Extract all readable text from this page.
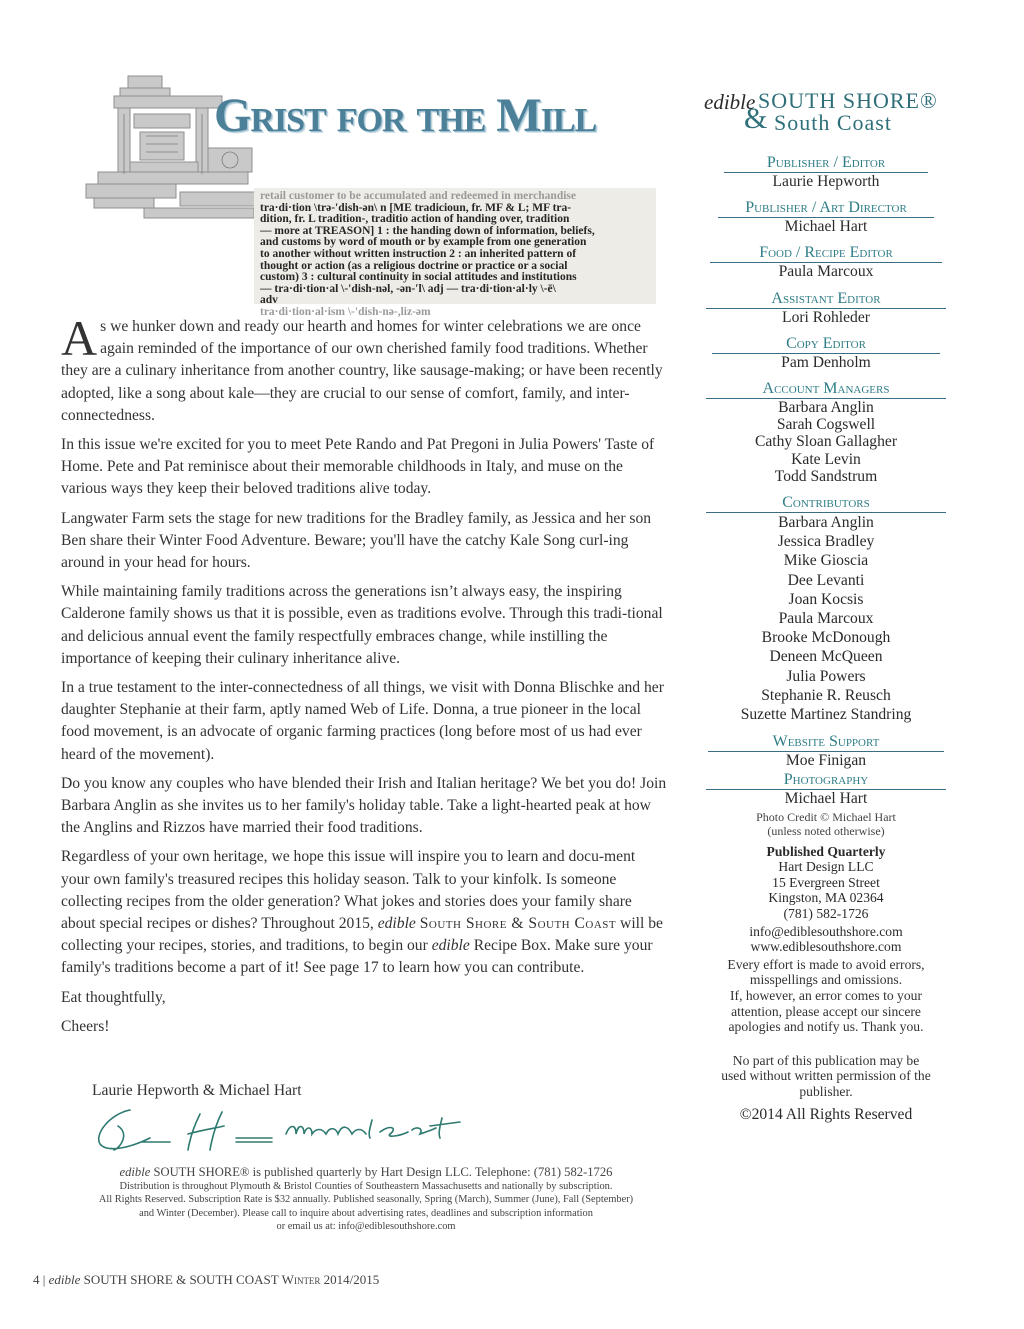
Grist for the Mill
retail customer to be accumulated and redeemed in merchandise
tra·di·tion \trə-'dish-ən\ n [ME tradicioun, fr. MF & L; MF tra-
dition, fr. L tradition-, traditio action of handing over, tradition
— more at TREASON] 1 : the handing down of information, beliefs,
and customs by word of mouth or by example from one generation
to another without written instruction 2 : an inherited pattern of
thought or action (as a religious doctrine or practice or a social
custom) 3 : cultural continuity in social attitudes and institutions
— tra·di·tion·al \-'dish-nəl, -ən-ʹl\ adj — tra·di·tion·al·ly \-ē\
adv
tra·di·tion·al·ism \-'dish-nə-,liz-əm

As we hunker down and ready our hearth and homes for winter celebrations we are once again reminded of the importance of our own cherished family food traditions. Whether they are a culinary inheritance from another country, like sausage-making; or have been recently adopted, like a song about kale—they are crucial to our sense of comfort, family, and inter-connectedness.

In this issue we're excited for you to meet Pete Rando and Pat Pregoni in Julia Powers' Taste of Home. Pete and Pat reminisce about their memorable childhoods in Italy, and muse on the various ways they keep their beloved traditions alive today.

Langwater Farm sets the stage for new traditions for the Bradley family, as Jessica and her son Ben share their Winter Food Adventure. Beware; you'll have the catchy Kale Song curl-ing around in your head for hours.

While maintaining family traditions across the generations isn’t always easy, the inspiring Calderone family shows us that it is possible, even as traditions evolve. Through this tradi-tional and delicious annual event the family respectfully embraces change, while instilling the importance of keeping their culinary inheritance alive.

In a true testament to the inter-connectedness of all things, we visit with Donna Blischke and her daughter Stephanie at their farm, aptly named Web of Life. Donna, a true pioneer in the local food movement, is an advocate of organic farming practices (long before most of us had ever heard of the movement).

Do you know any couples who have blended their Irish and Italian heritage? We bet you do! Join Barbara Anglin as she invites us to her family's holiday table. Take a light-hearted peak at how the Anglins and Rizzos have married their food traditions.

Regardless of your own heritage, we hope this issue will inspire you to learn and docu-ment your own family's treasured recipes this holiday season. Talk to your kinfolk. Is someone collecting recipes from the older generation? What jokes and stories does your family share about special recipes or dishes? Throughout 2015, edible South Shore & South Coast will be collecting your recipes, stories, and traditions, to begin our edible Recipe Box. Make sure your family's traditions become a part of it! See page 17 to learn how you can contribute.

Eat thoughtfully,

Cheers!

Laurie Hepworth & Michael Hart
edible SOUTH SHORE® is published quarterly by Hart Design LLC. Telephone: (781) 582-1726
Distribution is throughout Plymouth & Bristol Counties of Southeastern Massachusetts and nationally by subscription.
All Rights Reserved. Subscription Rate is $32 annually. Published seasonally, Spring (March), Summer (June), Fall (September)
and Winter (December). Please call to inquire about advertising rates, deadlines and subscription information
or email us at: info@ediblesouthshore.com
4 | edible SOUTH SHORE & SOUTH COAST Winter 2014/2015
edible SOUTH SHORE®
& South Coast
Publisher / Editor
Laurie Hepworth
Publisher / Art Director
Michael Hart
Food / Recipe Editor
Paula Marcoux
Assistant Editor
Lori Rohleder
Copy Editor
Pam Denholm
Account Managers
Barbara Anglin
Sarah Cogswell
Cathy Sloan Gallagher
Kate Levin
Todd Sandstrum
Contributors
Barbara Anglin
Jessica Bradley
Mike Gioscia
Dee Levanti
Joan Kocsis
Paula Marcoux
Brooke McDonough
Deneen McQueen
Julia Powers
Stephanie R. Reusch
Suzette Martinez Standring
Website Support
Moe Finigan
Photography
Michael Hart
Photo Credit © Michael Hart
(unless noted otherwise)
Published Quarterly
Hart Design LLC
15 Evergreen Street
Kingston, MA 02364
(781) 582-1726
info@ediblesouthshore.com
www.ediblesouthshore.com
Every effort is made to avoid errors, misspellings and omissions.
If, however, an error comes to your attention, please accept our sincere apologies and notify us. Thank you.
No part of this publication may be used without written permission of the publisher.
©2014 All Rights Reserved
